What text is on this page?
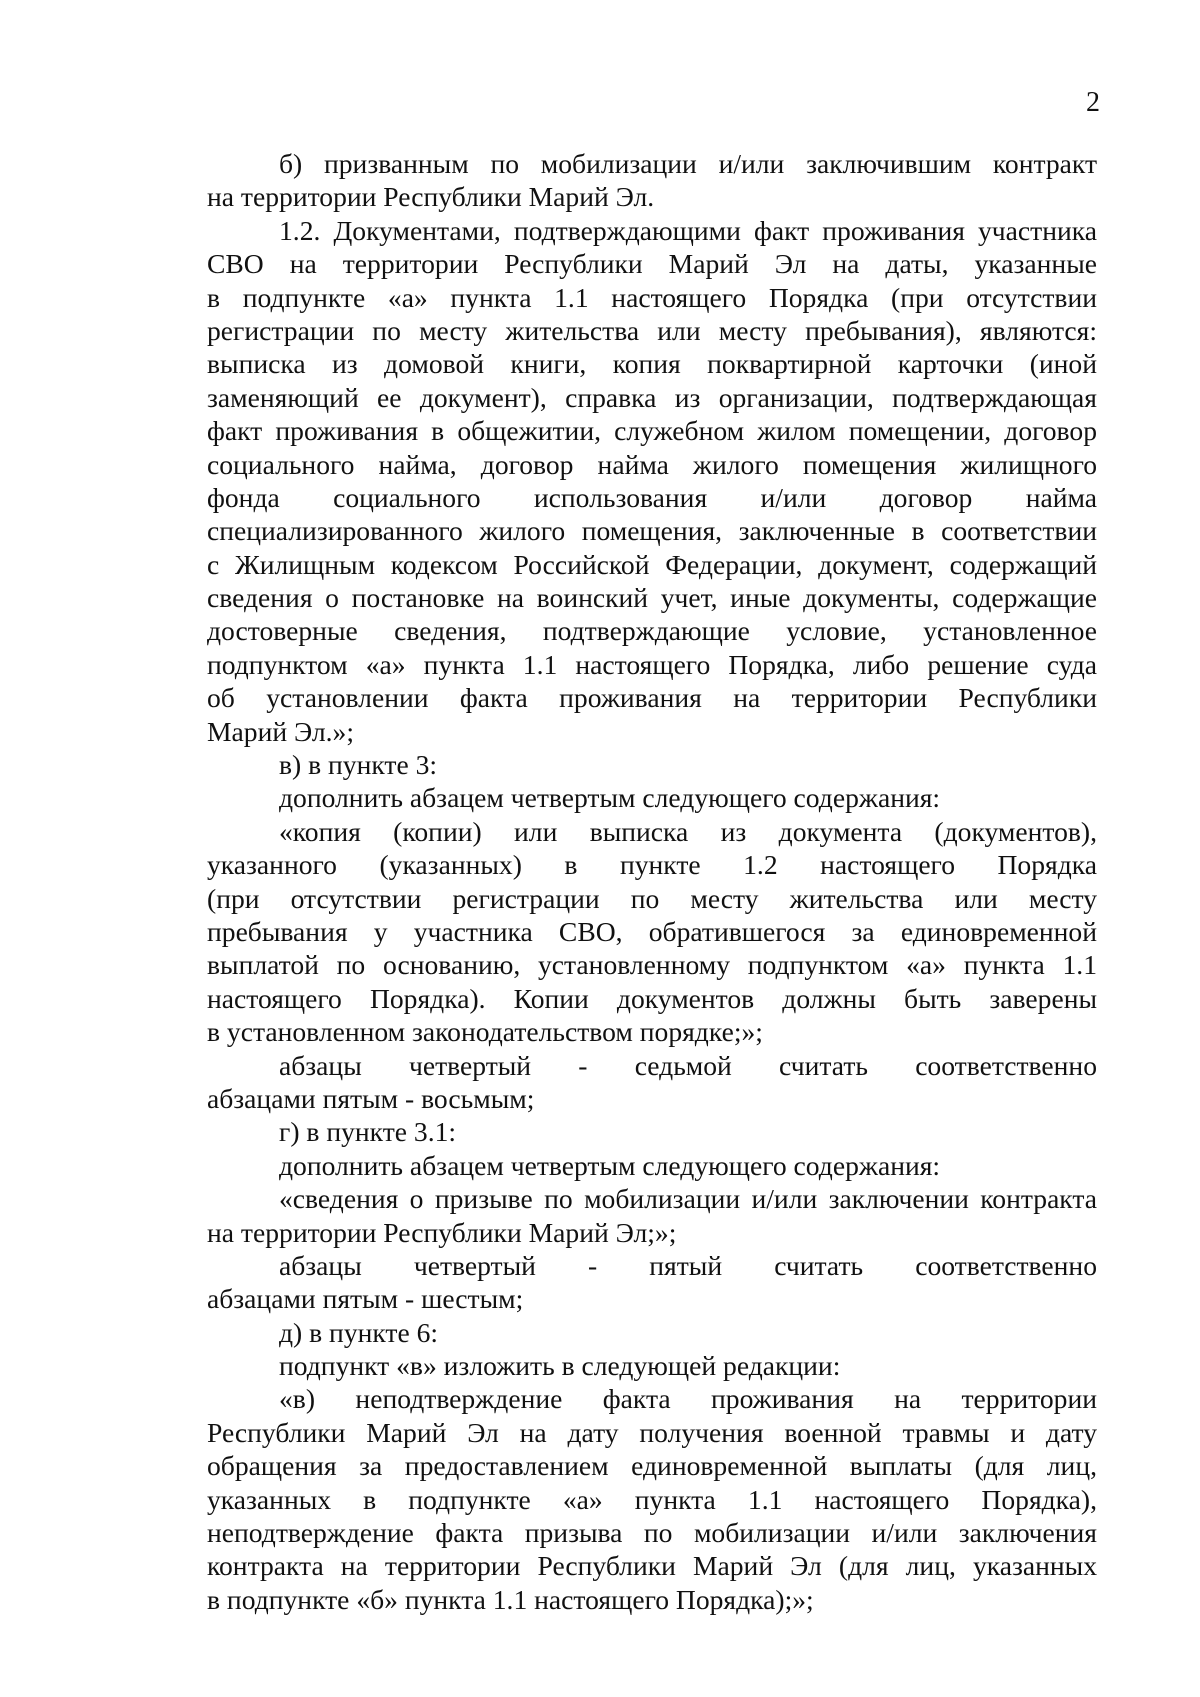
2
б) призванным по мобилизации и/или заключившим контракт
на территории Республики Марий Эл.
1.2. Документами, подтверждающими факт проживания участника
СВО на территории Республики Марий Эл на даты, указанные
в подпункте «а» пункта 1.1 настоящего Порядка (при отсутствии
регистрации по месту жительства или месту пребывания), являются:
выписка из домовой книги, копия поквартирной карточки (иной
заменяющий ее документ), справка из организации, подтверждающая
факт проживания в общежитии, служебном жилом помещении, договор
социального найма, договор найма жилого помещения жилищного
фонда социального использования и/или договор найма
специализированного жилого помещения, заключенные в соответствии
с Жилищным кодексом Российской Федерации, документ, содержащий
сведения о постановке на воинский учет, иные документы, содержащие
достоверные сведения, подтверждающие условие, установленное
подпунктом «а» пункта 1.1 настоящего Порядка, либо решение суда
об установлении факта проживания на территории Республики
Марий Эл.»;
в) в пункте 3:
дополнить абзацем четвертым следующего содержания:
«копия (копии) или выписка из документа (документов),
указанного (указанных) в пункте 1.2 настоящего Порядка
(при отсутствии регистрации по месту жительства или месту
пребывания у участника СВО, обратившегося за единовременной
выплатой по основанию, установленному подпунктом «а» пункта 1.1
настоящего Порядка). Копии документов должны быть заверены
в установленном законодательством порядке;»;
абзацы четвертый - седьмой считать соответственно
абзацами пятым - восьмым;
г) в пункте 3.1:
дополнить абзацем четвертым следующего содержания:
«сведения о призыве по мобилизации и/или заключении контракта
на территории Республики Марий Эл;»;
абзацы четвертый - пятый считать соответственно
абзацами пятым - шестым;
д) в пункте 6:
подпункт «в» изложить в следующей редакции:
«в) неподтверждение факта проживания на территории
Республики Марий Эл на дату получения военной травмы и дату
обращения за предоставлением единовременной выплаты (для лиц,
указанных в подпункте «а» пункта 1.1 настоящего Порядка),
неподтверждение факта призыва по мобилизации и/или заключения
контракта на территории Республики Марий Эл (для лиц, указанных
в подпункте «б» пункта 1.1 настоящего Порядка);»;
